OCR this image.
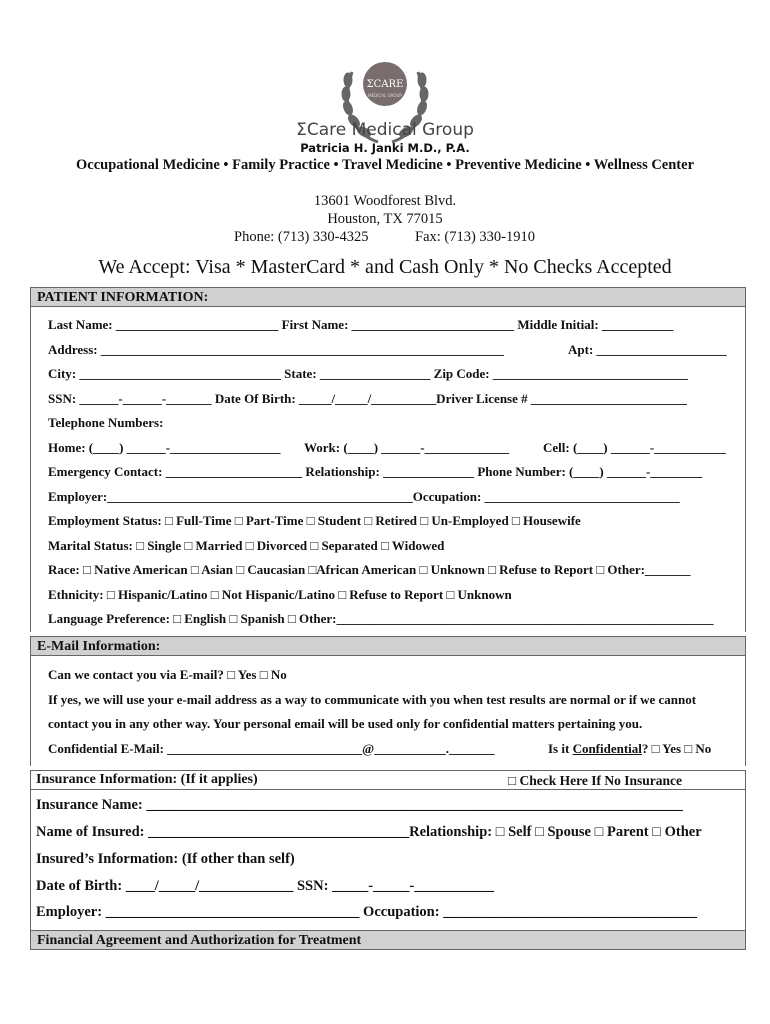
ΣCARE
MEDICAL GROUP
ΣCare Medical Group
Patricia H. Janki M.D., P.A.
Occupational Medicine • Family Practice • Travel Medicine • Preventive Medicine • Wellness Center
13601 Woodforest Blvd.
Houston, TX 77015
Phone: (713) 330-4325	Fax: (713) 330-1910
We Accept: Visa * MasterCard * and Cash Only * No Checks Accepted
PATIENT INFORMATION:
Last Name: _________________________ First Name: _________________________ Middle Initial: ___________
Address: ______________________________________________________________	Apt: ____________________
City: _______________________________ State: _________________ Zip Code: ______________________________
SSN: ______-______-_______ Date Of Birth: _____/_____/__________Driver License # ________________________
Telephone Numbers:
Home: (____) ______-_________________ Work: (____) ______-_____________	Cell: (____) ______-___________
Emergency Contact: _____________________ Relationship: ______________ Phone Number: (____) ______-________
Employer:_______________________________________________Occupation: ______________________________
Employment Status: □ Full-Time □ Part-Time □ Student □ Retired □ Un-Employed □ Housewife
Marital Status: □ Single □ Married □ Divorced □ Separated □ Widowed
Race: □ Native American □ Asian □ Caucasian □African American □ Unknown □ Refuse to Report □ Other:_______
Ethnicity: □ Hispanic/Latino □ Not Hispanic/Latino □ Refuse to Report □ Unknown
Language Preference: □ English □ Spanish □ Other:__________________________________________________________
E-Mail Information:
Can we contact you via E-mail? □ Yes □ No
If yes, we will use your e-mail address as a way to communicate with you when test results are normal or if we cannot
contact you in any other way. Your personal email will be used only for confidential matters pertaining you.
Confidential E-Mail: ______________________________@___________._______	Is it Confidential? □ Yes □ No
Insurance Information: (If it applies)	□ Check Here If No Insurance
Insurance Name: __________________________________________________________________________
Name of Insured: ____________________________________Relationship: □ Self □ Spouse □ Parent □ Other
Insured’s Information: (If other than self)
Date of Birth: ____/_____/_____________ SSN: _____-_____-___________
Employer: ___________________________________ Occupation: ___________________________________
Financial Agreement and Authorization for Treatment
